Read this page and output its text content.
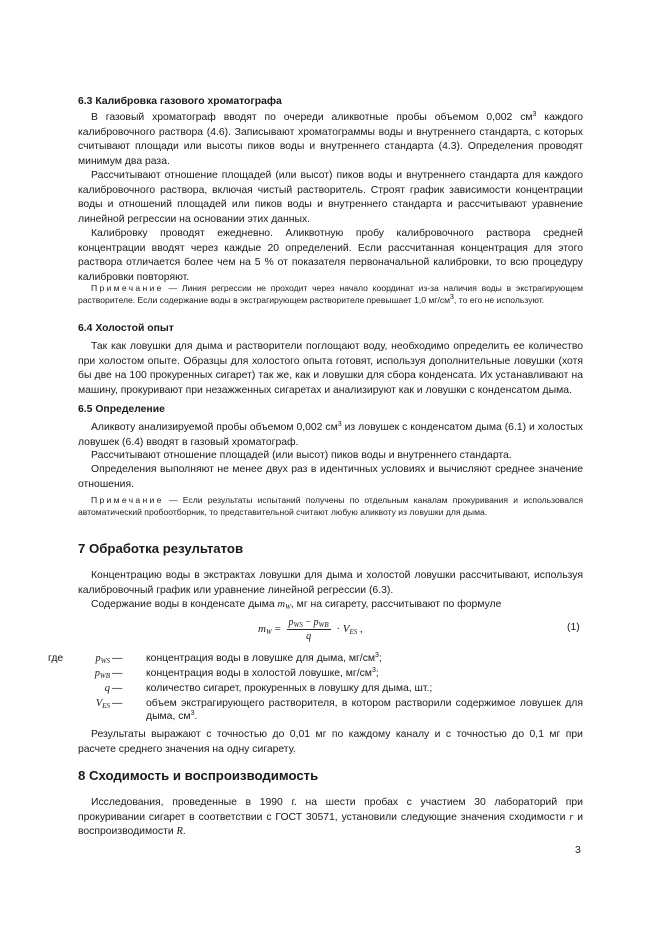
6.3 Калибровка газового хроматографа

В газовый хроматограф вводят по очереди аликвотные пробы объемом 0,002 $см^3$ каждого калибровочного раствора (4.6). Записывают хроматограммы воды и внутреннего стандарта, с которых считывают площади или высоты пиков воды и внутреннего стандарта (4.3). Определения проводят минимум два раза.

Рассчитывают отношение площадей (или высот) пиков воды и внутреннего стандарта для каждого калибровочного раствора, включая чистый растворитель. Строят график зависимости концентрации воды и отношений площадей или пиков воды и внутреннего стандарта и рассчитывают уравнение линейной регрессии на основании этих данных.

Калибровку проводят ежедневно. Аликвотную пробу калибровочного раствора средней концентрации вводят через каждые 20 определений. Если рассчитанная концентрация для этого раствора отличается более чем на 5 % от показателя первоначальной калибровки, то всю процедуру калибровки повторяют.

Примечание — Линия регрессии не проходит через начало координат из-за наличия воды в экстрагирующем растворителе. Если содержание воды в экстрагирующем растворителе превышает 1,0 $мг/см^3$, то его не используют.

6.4 Холостой опыт

Так как ловушки для дыма и растворители поглощают воду, необходимо определить ее количество при холостом опыте. Образцы для холостого опыта готовят, используя дополнительные ловушки (хотя бы две на 100 прокуренных сигарет) так же, как и ловушки для сбора конденсата. Их устанавливают на машину, прокуривают при незажженных сигаретах и анализируют как и ловушки с конденсатом дыма.

6.5 Определение

Аликвоту анализируемой пробы объемом 0,002 $см^3$ из ловушек с конденсатом дыма (6.1) и холостых ловушек (6.4) вводят в газовый хроматограф.

Рассчитывают отношение площадей (или высот) пиков воды и внутреннего стандарта.

Определения выполняют не менее двух раз в идентичных условиях и вычисляют среднее значение отношения.

Примечание — Если результаты испытаний получены по отдельным каналам прокуривания и использовался автоматический пробоотборник, то представительной считают любую аликвоту из ловушки для дыма.

7 Обработка результатов

Концентрацию воды в экстрактах ловушки для дыма и холостой ловушки рассчитывают, используя калибровочный график или уравнение линейной регрессии (6.3).

Содержание воды в конденсате дыма $m_W$, мг на сигарету, рассчитывают по формуле

$m_W = \frac{p_{WS} - p_{WB}}{q} \cdot V_{ES}$ ,	(1)
где	$p_{WS}$ — концентрация воды в ловушке для дыма, $мг/см^3$;
$p_{WB}$ — концентрация воды в холостой ловушке, $мг/см^3$;
q — количество сигарет, прокуренных в ловушку для дыма, шт.;
$V_{ES}$ — объем экстрагирующего растворителя, в котором растворили содержимое ловушек для дыма, $см^3$.

Результаты выражают с точностью до 0,01 мг по каждому каналу и с точностью до 0,1 мг при расчете среднего значения на одну сигарету.

8 Сходимость и воспроизводимость

Исследования, проведенные в 1990 г. на шести пробах с участием 30 лабораторий при прокуривании сигарет в соответствии с ГОСТ 30571, установили следующие значения сходимости r и воспроизводимости R.

3
